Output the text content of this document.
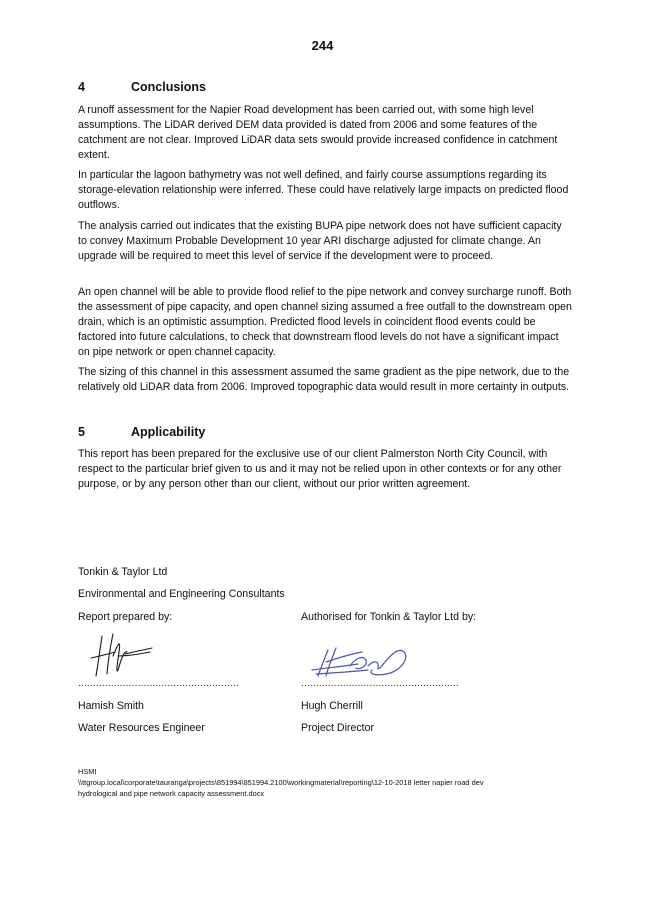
244
4	Conclusions

A runoff assessment for the Napier Road development has been carried out, with some high level assumptions. The LiDAR derived DEM data provided is dated from 2006 and some features of the catchment are not clear. Improved LiDAR data sets swould provide increased confidence in catchment extent.

In particular the lagoon bathymetry was not well defined, and fairly course assumptions regarding its storage-elevation relationship were inferred. These could have relatively large impacts on predicted flood outflows.

The analysis carried out indicates that the existing BUPA pipe network does not have sufficient capacity to convey Maximum Probable Development 10 year ARI discharge adjusted for climate change. An upgrade will be required to meet this level of service if the development were to proceed.

An open channel will be able to provide flood relief to the pipe network and convey surcharge runoff. Both the assessment of pipe capacity, and open channel sizing assumed a free outfall to the downstream open drain, which is an optimistic assumption. Predicted flood levels in coincident flood events could be factored into future calculations, to check that downstream flood levels do not have a significant impact on pipe network or open channel capacity.

The sizing of this channel in this assessment assumed the same gradient as the pipe network, due to the relatively old LiDAR data from 2006. Improved topographic data would result in more certainty in outputs.

5	Applicability

This report has been prepared for the exclusive use of our client Palmerston North City Council, with respect to the particular brief given to us and it may not be relied upon in other contexts or for any other purpose, or by any person other than our client, without our prior written agreement.

Tonkin & Taylor Ltd
Environmental and Engineering Consultants
Report prepared by:	Authorised for Tonkin & Taylor Ltd by:
......................................................	.....................................................
Hamish Smith	Hugh Cherrill
Water Resources Engineer	Project Director
HSMI
\\ttgroup.local\corporate\tauranga\projects\851994\851994.2100\workingmaterial\reporting\12-10-2018 letter napier road dev
hydrological and pipe network capacity assessment.docx
